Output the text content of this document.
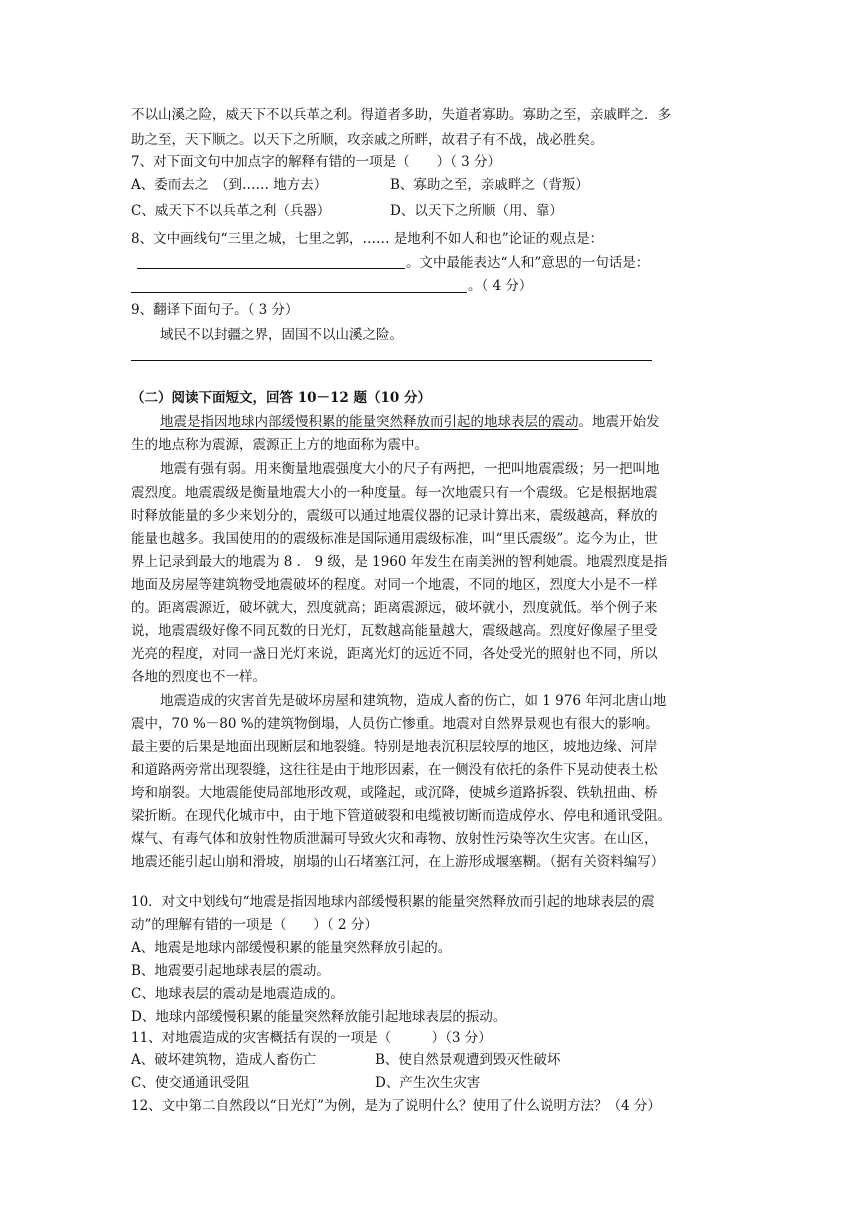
不以山溪之险，威天下不以兵革之利。得道者多助，失道者寡助。寡助之至，亲戚畔之．多
助之至，天下顺之。以天下之所顺，攻亲戚之所畔，故君子有不战，战必胜矣。
7、对下面文句中加点字的解释有错的一项是（　　）（ 3 分）
A、委而去之　（到…… 地方去）	B、寡助之至，亲戚畔之（背叛）
C、威天下不以兵革之利（兵器）	D、以天下之所顺（用、靠）
8、文中画线句“三里之城，七里之郭，…… 是地利不如人和也”论证的观点是：
。文中最能表达“人和”意思的一句话是：
。（ 4 分）
9、翻译下面句子。（ 3 分）
域民不以封疆之界，固国不以山溪之险。
（二）阅读下面短文，回答 10－12 题（10 分）
地震是指因地球内部缓慢积累的能量突然释放而引起的地球表层的震动。地震开始发
生的地点称为震源，震源正上方的地面称为震中。
地震有强有弱。用来衡量地震强度大小的尺子有两把，一把叫地震震级；另一把叫地
震烈度。地震震级是衡量地震大小的一种度量。每一次地震只有一个震级。它是根据地震
时释放能量的多少来划分的，震级可以通过地震仪器的记录计算出来，震级越高，释放的
能量也越多。我国使用的的震级标准是国际通用震级标准，叫“里氏震级”。迄今为止，世
界上记录到最大的地震为 8 ． 9 级，是 1960 年发生在南美洲的智利她震。地震烈度是指
地面及房屋等建筑物受地震破坏的程度。对同一个地震，不同的地区，烈度大小是不一样
的。距离震源近，破坏就大，烈度就高；距离震源远，破坏就小，烈度就低。举个例子来
说，地震震级好像不同瓦数的日光灯，瓦数越高能量越大，震级越高。烈度好像屋子里受
光亮的程度，对同一盏日光灯来说，距离光灯的远近不同，各处受光的照射也不同，所以
各地的烈度也不一样。
地震造成的灾害首先是破坏房屋和建筑物，造成人畜的伤亡，如 1 976 年河北唐山地
震中，70 %－80 %的建筑物倒塌，人员伤亡惨重。地震对自然界景观也有很大的影响。
最主要的后果是地面出现断层和地裂缝。特别是地表沉积层较厚的地区，坡地边缘、河岸
和道路两旁常出现裂缝，这往往是由于地形因素，在一侧没有依托的条件下晃动使表土松
垮和崩裂。大地震能使局部地形改观，或隆起，或沉降，使城乡道路拆裂、铁轨扭曲、桥
梁折断。在现代化城市中，由于地下管道破裂和电缆被切断而造成停水、停电和通讯受阻。
煤气、有毒气体和放射性物质泄漏可导致火灾和毒物、放射性污染等次生灾害。在山区，
地震还能引起山崩和滑坡，崩塌的山石堵塞江河，在上游形成堰塞糊。（据有关资料编写）
10．对文中划线句“地震是指因地球内部缓慢积累的能量突然释放而引起的地球表层的震
动”的理解有错的一项是（　　）（ 2 分）
A、地震是地球内部缓慢积累的能量突然释放引起的。
B、地震要引起地球表层的震动。
C、地球表层的震动是地震造成的。
D、地球内部缓慢积累的能量突然释放能引起地球表层的振动。
11、对地震造成的灾害概括有误的一项是（　　　）（3 分）
A、破坏建筑物，造成人畜伤亡	B、使自然景观遭到毁灭性破坏
C、使交通通讯受阻	D、产生次生灾害
12、文中第二自然段以“日光灯”为例，是为了说明什么？使用了什么说明方法？（4 分）
